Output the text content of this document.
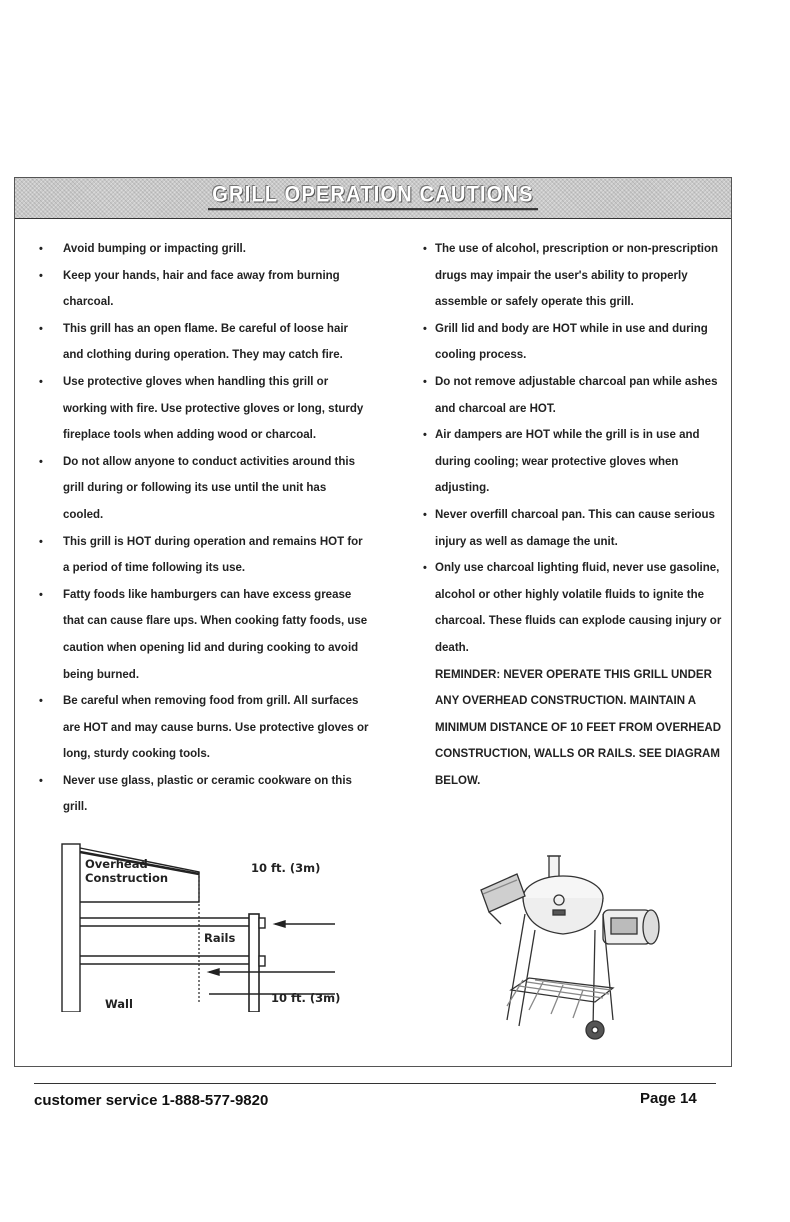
GRILL OPERATION CAUTIONS
• Avoid bumping or impacting grill.
• Keep your hands, hair and face away from burning charcoal.
• This grill has an open flame. Be careful of loose hair and clothing during operation. They may catch fire.
• Use protective gloves when handling this grill or working with fire. Use protective gloves or long, sturdy fireplace tools when adding wood or charcoal.
• Do not allow anyone to conduct activities around this grill during or following its use until the unit has cooled.
• This grill is HOT during operation and remains HOT for a period of time following its use.
• Fatty foods like hamburgers can have excess grease that can cause flare ups. When cooking fatty foods, use caution when opening lid and during cooking to avoid being burned.
• Be careful when removing food from grill. All surfaces are HOT and may cause burns. Use protective gloves or long, sturdy cooking tools.
• Never use glass, plastic or ceramic cookware on this grill.
• The use of alcohol, prescription or non-prescription drugs may impair the user's ability to properly assemble or safely operate this grill.
• Grill lid and body are HOT while in use and during cooling process.
• Do not remove adjustable charcoal pan while ashes and charcoal are HOT.
• Air dampers are HOT while the grill is in use and during cooling; wear protective gloves when adjusting.
• Never overfill charcoal pan. This can cause serious injury as well as damage the unit.
• Only use charcoal lighting fluid, never use gasoline, alcohol or other highly volatile fluids to ignite the charcoal. These fluids can explode causing injury or death.
REMINDER: NEVER OPERATE THIS GRILL UNDER ANY OVERHEAD CONSTRUCTION. MAINTAIN A MINIMUM DISTANCE OF 10 FEET FROM OVERHEAD CONSTRUCTION, WALLS OR RAILS. SEE DIAGRAM BELOW.
Overhead
Construction
10 ft. (3m)
Rails
Wall	10 ft. (3m)
customer service 1-888-577-9820	Page 14
